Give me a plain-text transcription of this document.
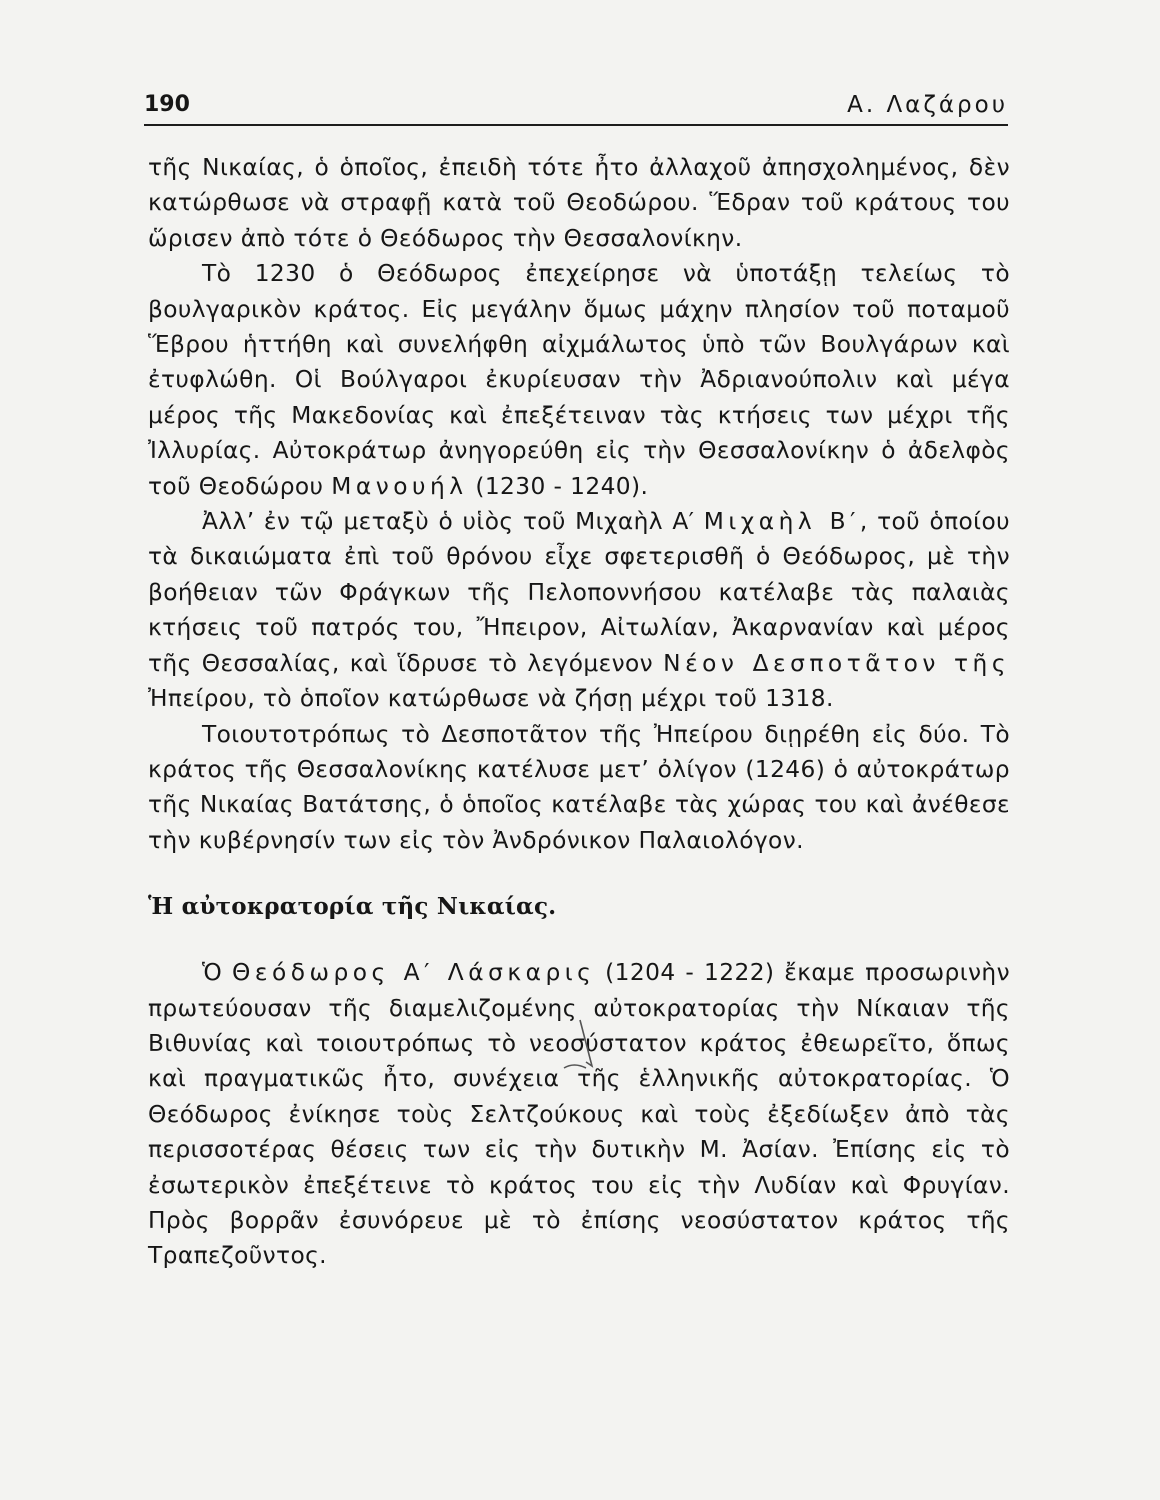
190	Α. Λαζάρου

τῆς Νικαίας, ὁ ὁποῖος, ἐπειδὴ τότε ἦτο ἀλλαχοῦ ἀπησχολημένος, δὲν κατώρθωσε νὰ στραφῇ κατὰ τοῦ Θεοδώρου. Ἕδραν τοῦ κράτους του ὥρισεν ἀπὸ τότε ὁ Θεόδωρος τὴν Θεσσαλονίκην.

Τὸ 1230 ὁ Θεόδωρος ἐπεχείρησε νὰ ὑποτάξῃ τελείως τὸ βουλγαρικὸν κράτος. Εἰς μεγάλην ὅμως μάχην πλησίον τοῦ ποταμοῦ Ἕβρου ἡττήθη καὶ συνελήφθη αἰχμάλωτος ὑπὸ τῶν Βουλγάρων καὶ ἐτυφλώθη. Οἱ Βούλγαροι ἐκυρίευσαν τὴν Ἀδριανούπολιν καὶ μέγα μέρος τῆς Μακεδονίας καὶ ἐπεξέτειναν τὰς κτήσεις των μέχρι τῆς Ἰλλυρίας. Αὐτοκράτωρ ἀνηγορεύθη εἰς τὴν Θεσσαλονίκην ὁ ἀδελφὸς τοῦ Θεοδώρου Μανουήλ (1230 - 1240).

Ἀλλ’ ἐν τῷ μεταξὺ ὁ υἱὸς τοῦ Μιχαὴλ Α′ Μιχαὴλ Β′, τοῦ ὁποίου τὰ δικαιώματα ἐπὶ τοῦ θρόνου εἶχε σφετερισθῆ ὁ Θεόδωρος, μὲ τὴν βοήθειαν τῶν Φράγκων τῆς Πελοποννήσου κατέλαβε τὰς παλαιὰς κτήσεις τοῦ πατρός του, Ἤπειρον, Αἰτωλίαν, Ἀκαρνανίαν καὶ μέρος τῆς Θεσσαλίας, καὶ ἵδρυσε τὸ λεγόμενον Νέον Δεσποτᾶτον τῆς Ἠπείρου, τὸ ὁποῖον κατώρθωσε νὰ ζήσῃ μέχρι τοῦ 1318.

Τοιουτοτρόπως τὸ Δεσποτᾶτον τῆς Ἠπείρου διῃρέθη εἰς δύο. Τὸ κράτος τῆς Θεσσαλονίκης κατέλυσε μετ’ ὀλίγον (1246) ὁ αὐτοκράτωρ τῆς Νικαίας Βατάτσης, ὁ ὁποῖος κατέλαβε τὰς χώρας του καὶ ἀνέθεσε τὴν κυβέρνησίν των εἰς τὸν Ἀνδρόνικον Παλαιολόγον.

Ἡ αὐτοκρατορία τῆς Νικαίας.

Ὁ Θεόδωρος Α′ Λάσκαρις (1204 - 1222) ἔκαμε προσωρινὴν πρωτεύουσαν τῆς διαμελιζομένης αὐτοκρατορίας τὴν Νίκαιαν τῆς Βιθυνίας καὶ τοιουτρόπως τὸ νεοσύστατον κράτος ἐθεωρεῖτο, ὅπως καὶ πραγματικῶς ἦτο, συνέχεια τῆς ἑλληνικῆς αὐτοκρατορίας. Ὁ Θεόδωρος ἐνίκησε τοὺς Σελτζούκους καὶ τοὺς ἐξεδίωξεν ἀπὸ τὰς περισσοτέρας θέσεις των εἰς τὴν δυτικὴν Μ. Ἀσίαν. Ἐπίσης εἰς τὸ ἐσωτερικὸν ἐπεξέτεινε τὸ κράτος του εἰς τὴν Λυδίαν καὶ Φρυγίαν. Πρὸς βορρᾶν ἐσυνόρευε μὲ τὸ ἐπίσης νεοσύστατον κράτος τῆς Τραπεζοῦντος.
